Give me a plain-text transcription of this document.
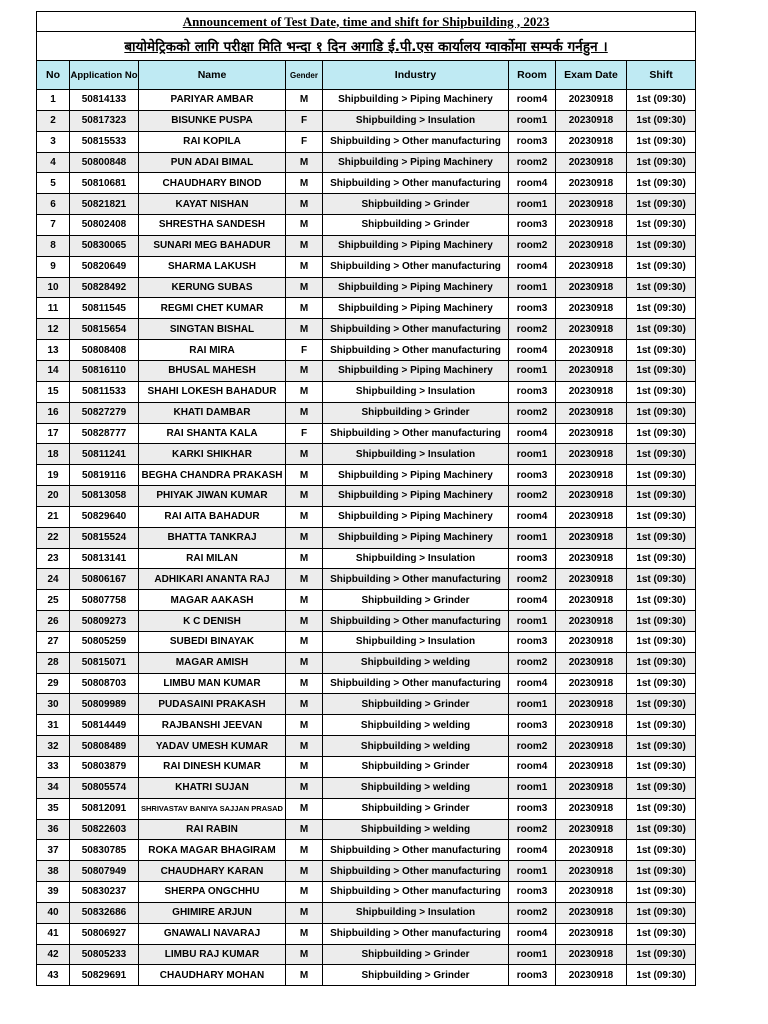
Announcement of Test Date, time and shift for Shipbuilding , 2023							
बायोमेट्रिकको लागि परीक्षा मिति भन्दा १ दिन अगाडि ई.पी.एस कार्यालय ग्वार्कोमा सम्पर्क गर्नहुन ।							
No	Application No	Name	Gender	Industry	Room	Exam Date	Shift
1	50814133	PARIYAR AMBAR	M	Shipbuilding > Piping Machinery	room4	20230918	1st (09:30)
2	50817323	BISUNKE PUSPA	F	Shipbuilding > Insulation	room1	20230918	1st (09:30)
3	50815533	RAI KOPILA	F	Shipbuilding > Other manufacturing	room3	20230918	1st (09:30)
4	50800848	PUN ADAI BIMAL	M	Shipbuilding > Piping Machinery	room2	20230918	1st (09:30)
5	50810681	CHAUDHARY BINOD	M	Shipbuilding > Other manufacturing	room4	20230918	1st (09:30)
6	50821821	KAYAT NISHAN	M	Shipbuilding > Grinder	room1	20230918	1st (09:30)
7	50802408	SHRESTHA SANDESH	M	Shipbuilding > Grinder	room3	20230918	1st (09:30)
8	50830065	SUNARI MEG BAHADUR	M	Shipbuilding > Piping Machinery	room2	20230918	1st (09:30)
9	50820649	SHARMA LAKUSH	M	Shipbuilding > Other manufacturing	room4	20230918	1st (09:30)
10	50828492	KERUNG SUBAS	M	Shipbuilding > Piping Machinery	room1	20230918	1st (09:30)
11	50811545	REGMI CHET KUMAR	M	Shipbuilding > Piping Machinery	room3	20230918	1st (09:30)
12	50815654	SINGTAN BISHAL	M	Shipbuilding > Other manufacturing	room2	20230918	1st (09:30)
13	50808408	RAI MIRA	F	Shipbuilding > Other manufacturing	room4	20230918	1st (09:30)
14	50816110	BHUSAL MAHESH	M	Shipbuilding > Piping Machinery	room1	20230918	1st (09:30)
15	50811533	SHAHI LOKESH BAHADUR	M	Shipbuilding > Insulation	room3	20230918	1st (09:30)
16	50827279	KHATI DAMBAR	M	Shipbuilding > Grinder	room2	20230918	1st (09:30)
17	50828777	RAI SHANTA KALA	F	Shipbuilding > Other manufacturing	room4	20230918	1st (09:30)
18	50811241	KARKI SHIKHAR	M	Shipbuilding > Insulation	room1	20230918	1st (09:30)
19	50819116	BEGHA CHANDRA PRAKASH	M	Shipbuilding > Piping Machinery	room3	20230918	1st (09:30)
20	50813058	PHIYAK JIWAN KUMAR	M	Shipbuilding > Piping Machinery	room2	20230918	1st (09:30)
21	50829640	RAI AITA BAHADUR	M	Shipbuilding > Piping Machinery	room4	20230918	1st (09:30)
22	50815524	BHATTA TANKRAJ	M	Shipbuilding > Piping Machinery	room1	20230918	1st (09:30)
23	50813141	RAI MILAN	M	Shipbuilding > Insulation	room3	20230918	1st (09:30)
24	50806167	ADHIKARI ANANTA RAJ	M	Shipbuilding > Other manufacturing	room2	20230918	1st (09:30)
25	50807758	MAGAR AAKASH	M	Shipbuilding > Grinder	room4	20230918	1st (09:30)
26	50809273	K C DENISH	M	Shipbuilding > Other manufacturing	room1	20230918	1st (09:30)
27	50805259	SUBEDI BINAYAK	M	Shipbuilding > Insulation	room3	20230918	1st (09:30)
28	50815071	MAGAR AMISH	M	Shipbuilding > welding	room2	20230918	1st (09:30)
29	50808703	LIMBU MAN KUMAR	M	Shipbuilding > Other manufacturing	room4	20230918	1st (09:30)
30	50809989	PUDASAINI PRAKASH	M	Shipbuilding > Grinder	room1	20230918	1st (09:30)
31	50814449	RAJBANSHI JEEVAN	M	Shipbuilding > welding	room3	20230918	1st (09:30)
32	50808489	YADAV UMESH KUMAR	M	Shipbuilding > welding	room2	20230918	1st (09:30)
33	50803879	RAI DINESH KUMAR	M	Shipbuilding > Grinder	room4	20230918	1st (09:30)
34	50805574	KHATRI SUJAN	M	Shipbuilding > welding	room1	20230918	1st (09:30)
35	50812091	SHRIVASTAV BANIYA SAJJAN PRASAD	M	Shipbuilding > Grinder	room3	20230918	1st (09:30)
36	50822603	RAI RABIN	M	Shipbuilding > welding	room2	20230918	1st (09:30)
37	50830785	ROKA MAGAR BHAGIRAM	M	Shipbuilding > Other manufacturing	room4	20230918	1st (09:30)
38	50807949	CHAUDHARY KARAN	M	Shipbuilding > Other manufacturing	room1	20230918	1st (09:30)
39	50830237	SHERPA ONGCHHU	M	Shipbuilding > Other manufacturing	room3	20230918	1st (09:30)
40	50832686	GHIMIRE ARJUN	M	Shipbuilding > Insulation	room2	20230918	1st (09:30)
41	50806927	GNAWALI NAVARAJ	M	Shipbuilding > Other manufacturing	room4	20230918	1st (09:30)
42	50805233	LIMBU RAJ KUMAR	M	Shipbuilding > Grinder	room1	20230918	1st (09:30)
43	50829691	CHAUDHARY MOHAN	M	Shipbuilding > Grinder	room3	20230918	1st (09:30)
